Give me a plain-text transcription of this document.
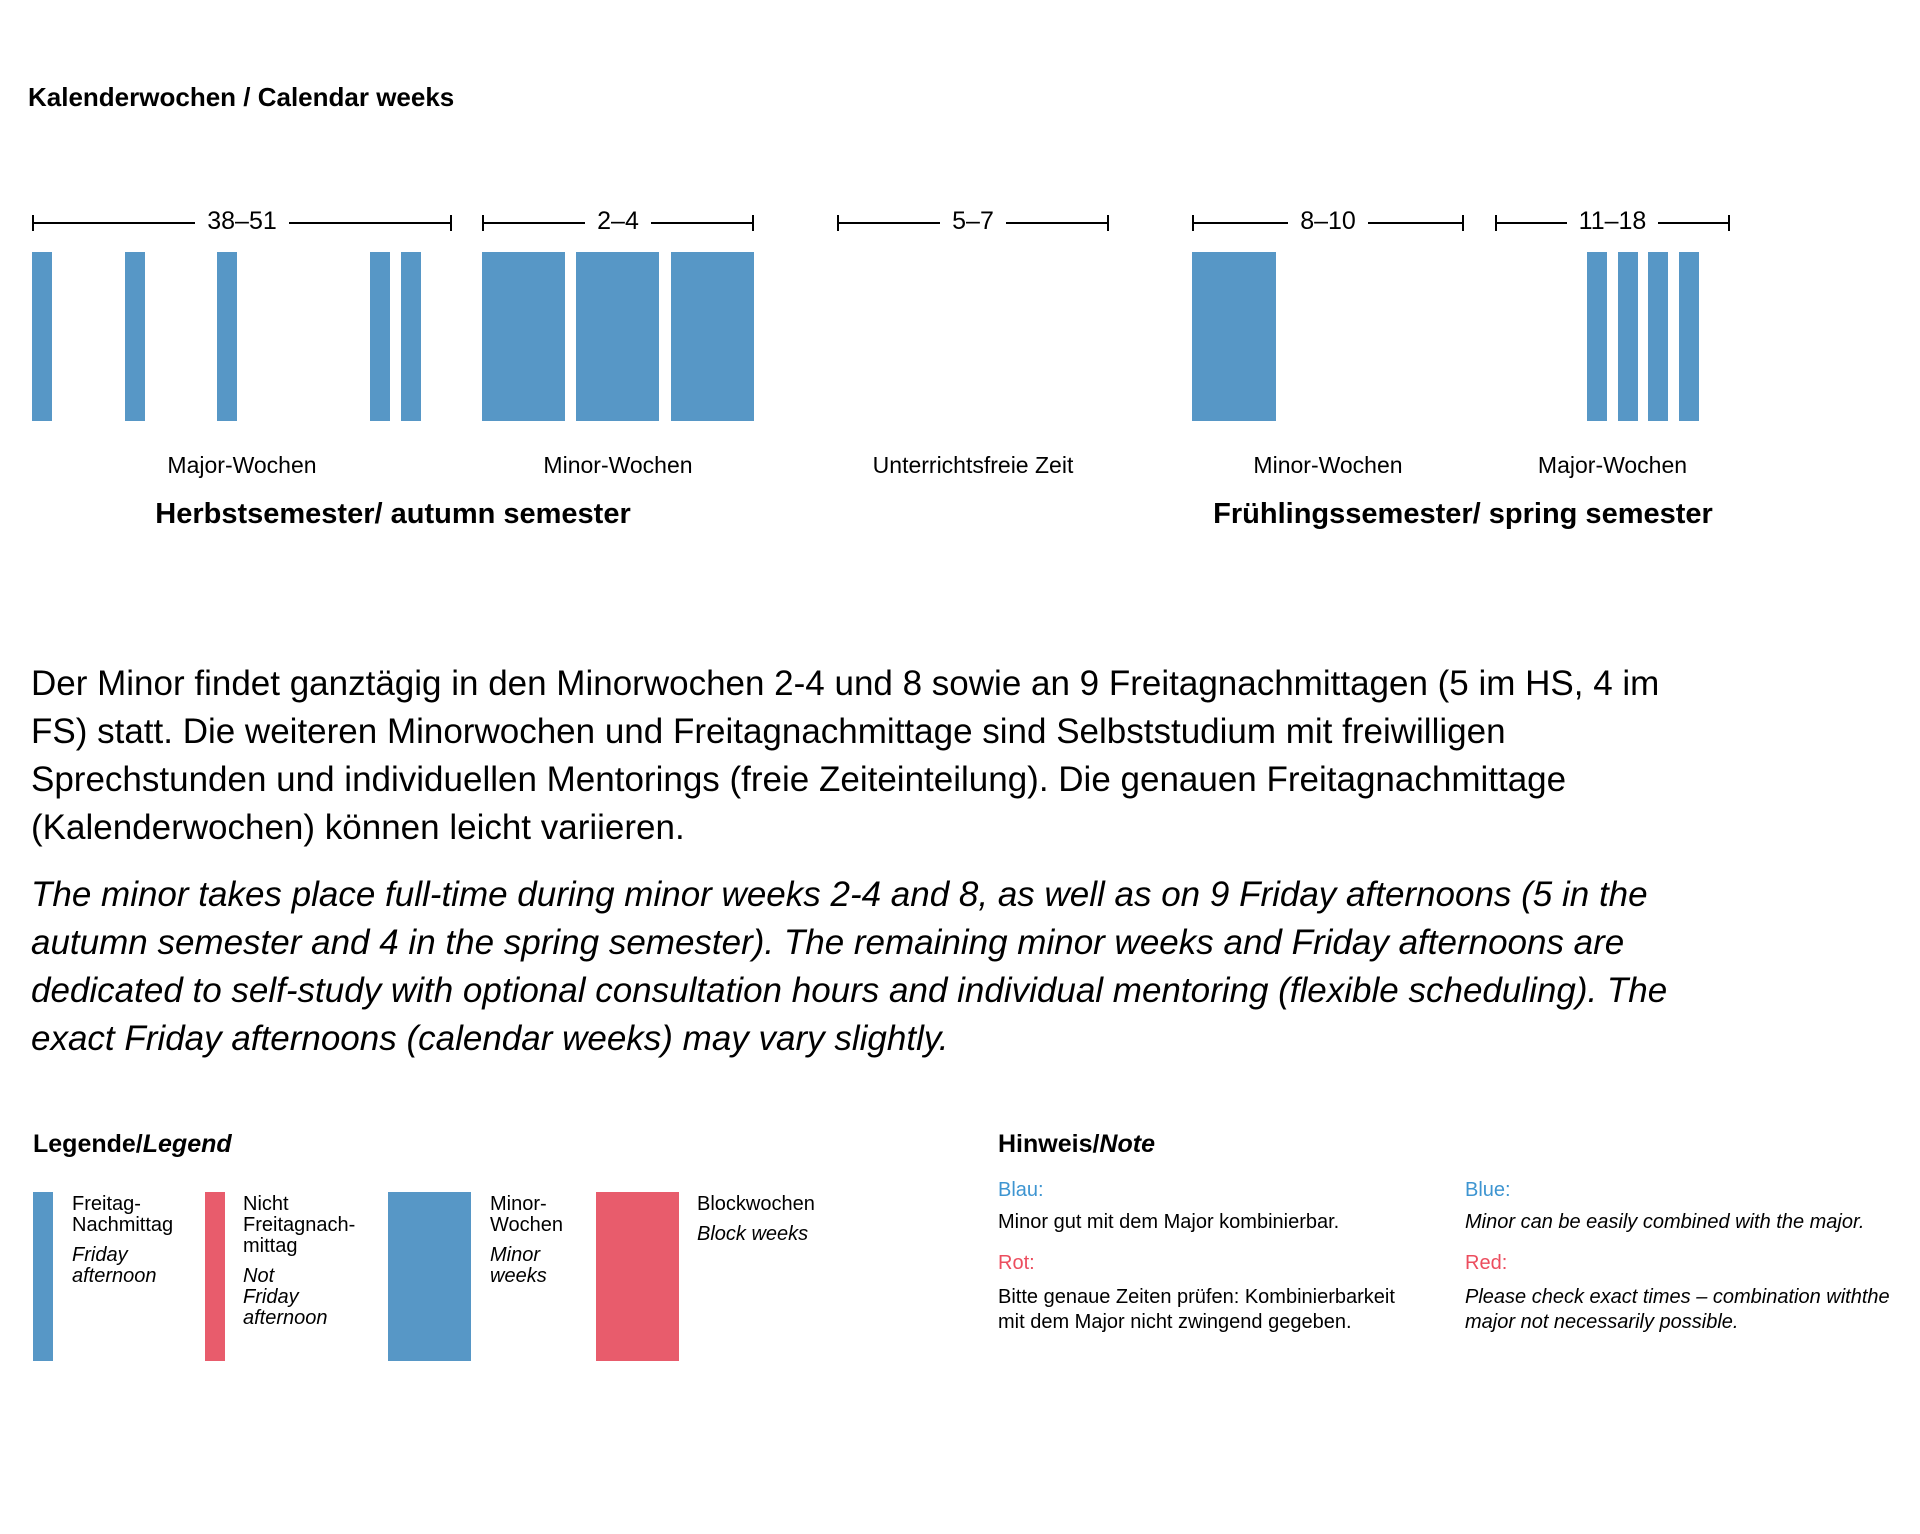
Kalenderwochen / Calendar weeks
38–51
Major-Wochen
2–4
Minor-Wochen
5–7
Unterrichtsfreie Zeit
8–10
Minor-Wochen
11–18
Major-Wochen
Herbstsemester/ autumn semester	Frühlingssemester/ spring semester
Der Minor findet ganztägig in den Minorwochen 2-4 und 8 sowie an 9 Freitagnachmittagen (5 im HS, 4 im
FS) statt. Die weiteren Minorwochen und Freitagnachmittage sind Selbststudium mit freiwilligen
Sprechstunden und individuellen Mentorings (freie Zeiteinteilung). Die genauen Freitagnachmittage
(Kalenderwochen) können leicht variieren.
The minor takes place full-time during minor weeks 2-4 and 8, as well as on 9 Friday afternoons (5 in the
autumn semester and 4 in the spring semester). The remaining minor weeks and Friday afternoons are
dedicated to self-study with optional consultation hours and individual mentoring (flexible scheduling). The
exact Friday afternoons (calendar weeks) may vary slightly.
Legende/Legend
Freitag-
Nachmittag
Friday
afternoon
Nicht
Freitagnach-
mittag
Not
Friday
afternoon
Minor-
Wochen
Minor
weeks
Blockwochen
Block weeks
Hinweis/Note
Blau:
Minor gut mit dem Major kombinierbar.
Rot:
Bitte genaue Zeiten prüfen: Kombinierbarkeit
mit dem Major nicht zwingend gegeben.
Blue:
Minor can be easily combined with the major.
Red:
Please check exact times – combination withthe
major not necessarily possible.
